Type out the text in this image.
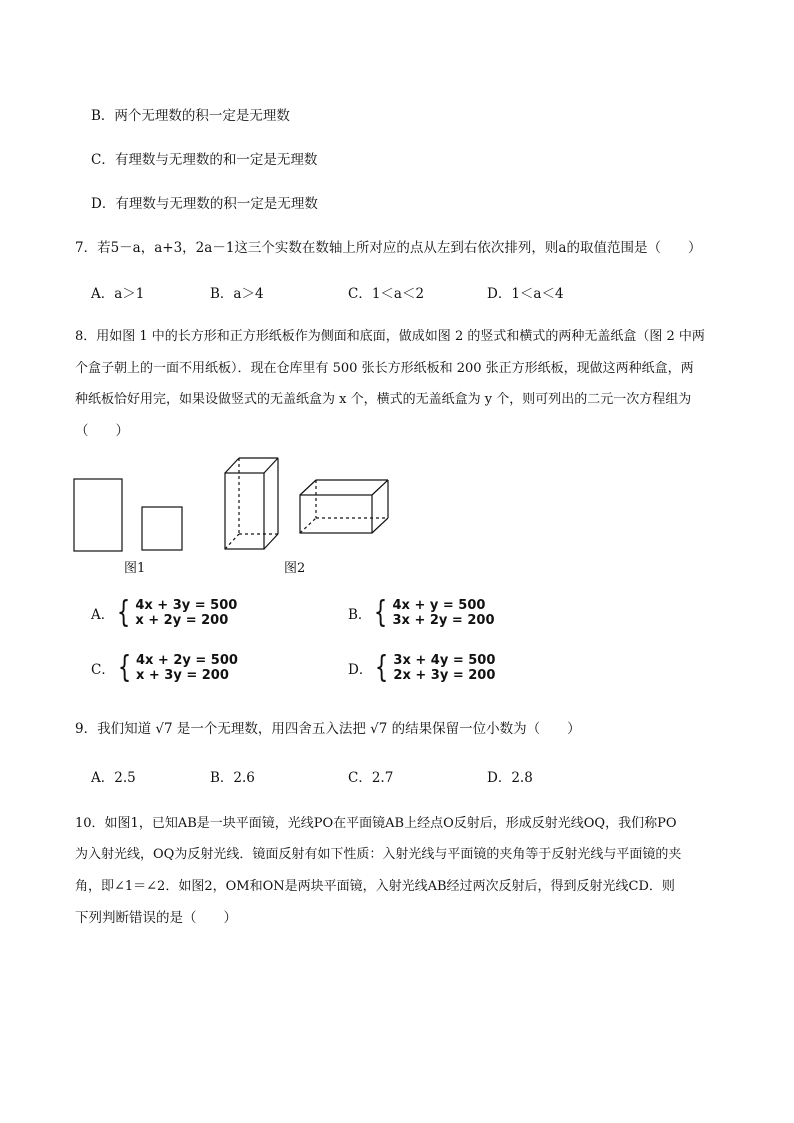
B．两个无理数的积一定是无理数
C．有理数与无理数的和一定是无理数
D．有理数与无理数的积一定是无理数
7．若5－a，a+3，2a－1这三个实数在数轴上所对应的点从左到右依次排列，则a的取值范围是（　　）
A．a＞1	B．a＞4	C．1＜a＜2	D．1＜a＜4
8．用如图 1 中的长方形和正方形纸板作为侧面和底面，做成如图 2 的竖式和横式的两种无盖纸盒（图 2 中两
个盒子朝上的一面不用纸板）．现在仓库里有 500 张长方形纸板和 200 张正方形纸板，现做这两种纸盒，两
种纸板恰好用完，如果设做竖式的无盖纸盒为 x 个，横式的无盖纸盒为 y 个，则可列出的二元一次方程组为
（　　）
图1	图2
A． { 4x + 3y = 500
x + 2y = 200	B． { 4x + y = 500
3x + 2y = 200
C． { 4x + 2y = 500
x + 3y = 200	D． { 3x + 4y = 500
2x + 3y = 200
9．我们知道 √7 是一个无理数，用四舍五入法把 √7 的结果保留一位小数为（　　）
A．2.5	B．2.6	C．2.7	D．2.8
10．如图1，已知AB是一块平面镜，光线PO在平面镜AB上经点O反射后，形成反射光线OQ，我们称PO
为入射光线，OQ为反射光线．镜面反射有如下性质：入射光线与平面镜的夹角等于反射光线与平面镜的夹
角，即∠1＝∠2．如图2，OM和ON是两块平面镜，入射光线AB经过两次反射后，得到反射光线CD．则
下列判断错误的是（　　）
